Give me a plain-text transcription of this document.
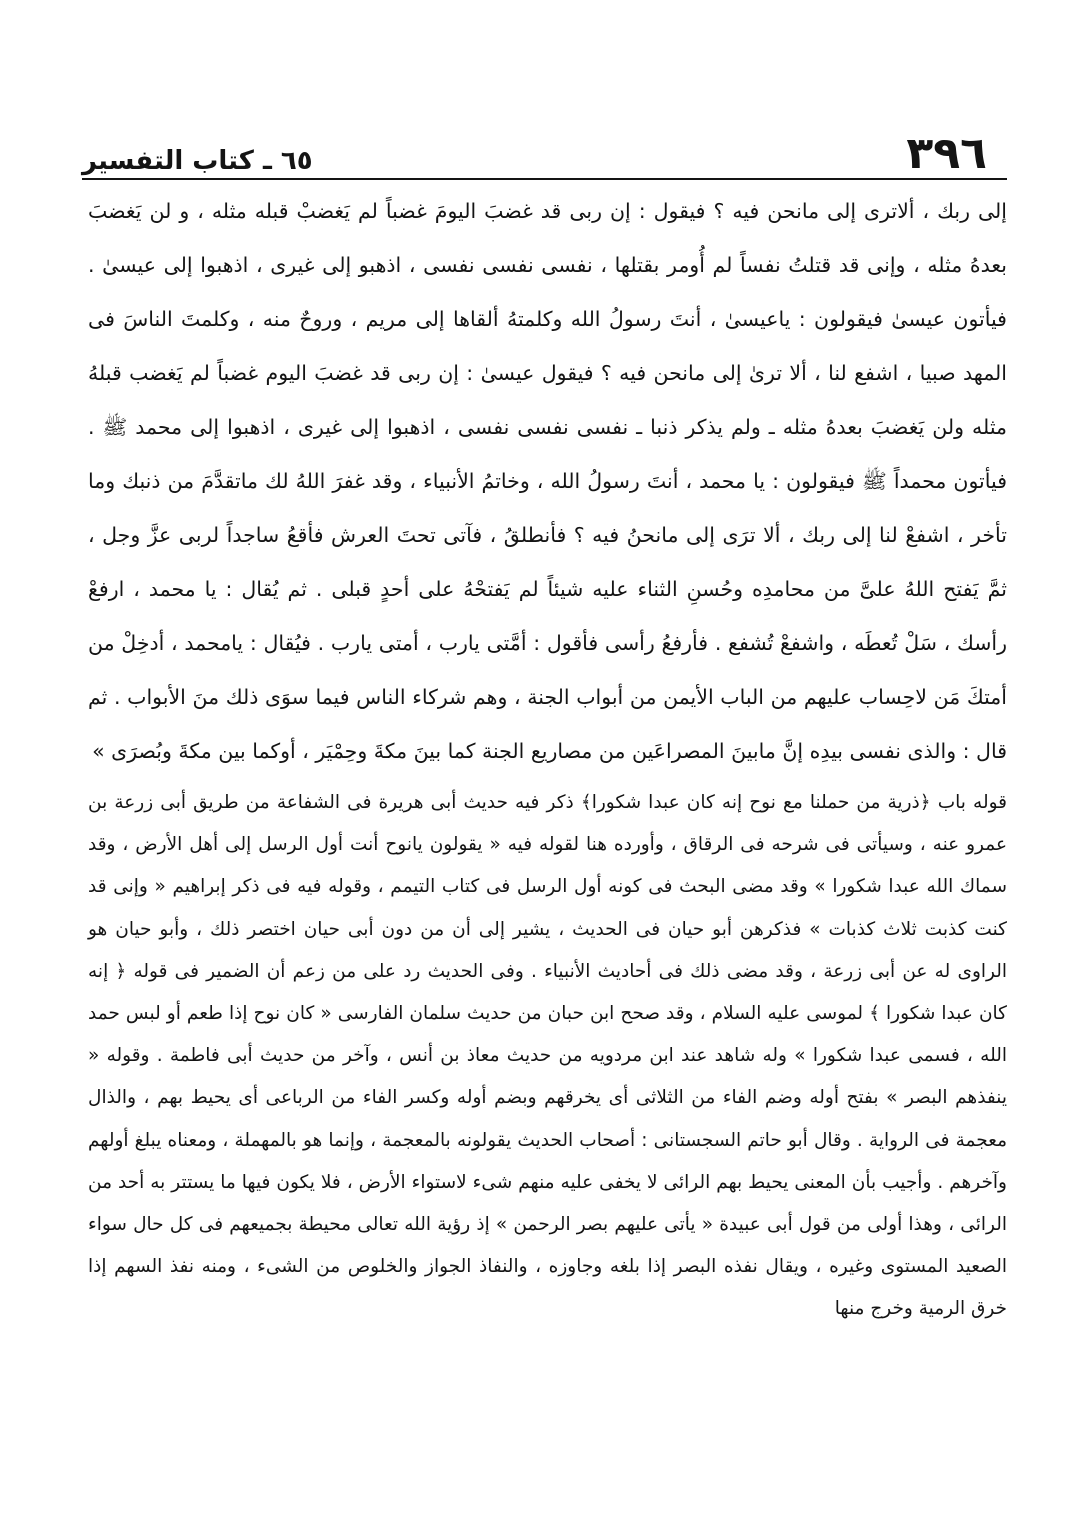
٣٩٦
٦٥ ـ كتاب التفسير

إلى ربك ، ألاترى إلى مانحن فيه ؟ فيقول : إن ربى قد غضبَ اليومَ غضباً لم يَغضبْ قبله مثله ، و لن يَغضبَ بعدهُ مثله ، وإنى قد قتلتُ نفساً لم أُومر بقتلها ، نفسى نفسى نفسى ، اذهبو إلى غيرى ، اذهبوا إلى عيسىٰ . فيأتون عيسىٰ فيقولون : ياعيسىٰ ، أنتَ رسولُ الله وكلمتهُ ألقاها إلى مريم ، وروحٌ منه ، وكلمتَ الناسَ فى المهد صبيا ، اشفع لنا ، ألا ترىٰ إلى مانحن فيه ؟ فيقول عيسىٰ : إن ربى قد غضبَ اليوم غضباً لم يَغضب قبلهُ مثله ولن يَغضبَ بعدهُ مثله ـ ولم يذكر ذنبا ـ نفسى نفسى نفسى ، اذهبوا إلى غيرى ، اذهبوا إلى محمد ﷺ . فيأتون محمداً ﷺ فيقولون : يا محمد ، أنتَ رسولُ الله ، وخاتمُ الأنبياء ، وقد غفرَ اللهُ لك ماتقدَّمَ من ذنبك وما تأخر ، اشفعْ لنا إلى ربك ، ألا ترَى إلى مانحنُ فيه ؟ فأنطلقُ ، فآتى تحتَ العرش فأقعُ ساجداً لربى عزَّ وجل ، ثمَّ يَفتح اللهُ علىَّ من محامدِه وحُسنِ الثناء عليه شيئاً لم يَفتحْهُ على أحدٍ قبلى . ثم يُقال : يا محمد ، ارفعْ رأسك ، سَلْ تُعطَه ، واشفعْ تُشفع . فأرفعُ رأسى فأقول : أمَّتى يارب ، أمتى يارب . فيُقال : يامحمد ، أدخِلْ من أمتكَ مَن لاحِساب عليهم من الباب الأيمن من أبواب الجنة ، وهم شركاء الناس فيما سوَى ذلك منَ الأبواب . ثم قال : والذى نفسى بيدِه إنَّ مابينَ المصراعَين من مصاريع الجنة كما بينَ مكةَ وحِمْيَر ، أوكما بين مكةَ وبُصرَى »

قوله باب ﴿ذرية من حملنا مع نوح إنه كان عبدا شكورا﴾ ذكر فيه حديث أبى هريرة فى الشفاعة من طريق أبى زرعة بن عمرو عنه ، وسيأتى فى شرحه فى الرقاق ، وأورده هنا لقوله فيه « يقولون يانوح أنت أول الرسل إلى أهل الأرض ، وقد سماك الله عبدا شكورا » وقد مضى البحث فى كونه أول الرسل فى كتاب التيمم ، وقوله فيه فى ذكر إبراهيم « وإنى قد كنت كذبت ثلاث كذبات » فذكرهن أبو حيان فى الحديث ، يشير إلى أن من دون أبى حيان اختصر ذلك ، وأبو حيان هو الراوى له عن أبى زرعة ، وقد مضى ذلك فى أحاديث الأنبياء . وفى الحديث رد على من زعم أن الضمير فى قوله ﴿ إنه كان عبدا شكورا ﴾ لموسى عليه السلام ، وقد صحح ابن حبان من حديث سلمان الفارسى « كان نوح إذا طعم أو لبس حمد الله ، فسمى عبدا شكورا » وله شاهد عند ابن مردويه من حديث معاذ بن أنس ، وآخر من حديث أبى فاطمة . وقوله « ينفذهم البصر » بفتح أوله وضم الفاء من الثلاثى أى يخرقهم وبضم أوله وكسر الفاء من الرباعى أى يحيط بهم ، والذال معجمة فى الرواية . وقال أبو حاتم السجستانى : أصحاب الحديث يقولونه بالمعجمة ، وإنما هو بالمهملة ، ومعناه يبلغ أولهم وآخرهم . وأجيب بأن المعنى يحيط بهم الرائى لا يخفى عليه منهم شىء لاستواء الأرض ، فلا يكون فيها ما يستتر به أحد من الرائى ، وهذا أولى من قول أبى عبيدة « يأتى عليهم بصر الرحمن » إذ رؤية الله تعالى محيطة بجميعهم فى كل حال سواء الصعيد المستوى وغيره ، ويقال نفذه البصر إذا بلغه وجاوزه ، والنفاذ الجواز والخلوص من الشىء ، ومنه نفذ السهم إذا خرق الرمية وخرج منها
